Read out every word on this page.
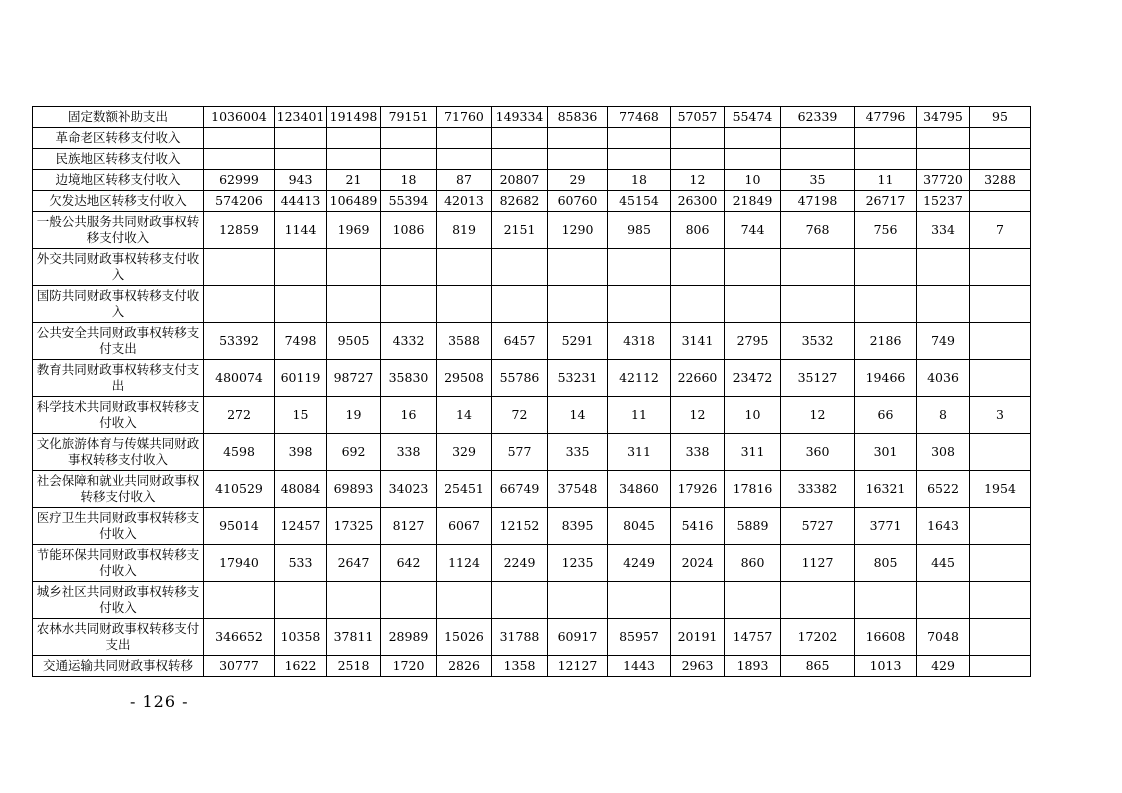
固定数额补助支出	1036004	123401	191498	79151	71760	149334	85836	77468	57057	55474	62339	47796	34795	95
革命老区转移支付收入														
民族地区转移支付收入														
边境地区转移支付收入	62999	943	21	18	87	20807	29	18	12	10	35	11	37720	3288
欠发达地区转移支付收入	574206	44413	106489	55394	42013	82682	60760	45154	26300	21849	47198	26717	15237	
一般公共服务共同财政事权转移支付收入	12859	1144	1969	1086	819	2151	1290	985	806	744	768	756	334	7
外交共同财政事权转移支付收入														
国防共同财政事权转移支付收入														
公共安全共同财政事权转移支付支出	53392	7498	9505	4332	3588	6457	5291	4318	3141	2795	3532	2186	749	
教育共同财政事权转移支付支出	480074	60119	98727	35830	29508	55786	53231	42112	22660	23472	35127	19466	4036	
科学技术共同财政事权转移支付收入	272	15	19	16	14	72	14	11	12	10	12	66	8	3
文化旅游体育与传媒共同财政事权转移支付收入	4598	398	692	338	329	577	335	311	338	311	360	301	308	
社会保障和就业共同财政事权转移支付收入	410529	48084	69893	34023	25451	66749	37548	34860	17926	17816	33382	16321	6522	1954
医疗卫生共同财政事权转移支付收入	95014	12457	17325	8127	6067	12152	8395	8045	5416	5889	5727	3771	1643	
节能环保共同财政事权转移支付收入	17940	533	2647	642	1124	2249	1235	4249	2024	860	1127	805	445	
城乡社区共同财政事权转移支付收入														
农林水共同财政事权转移支付支出	346652	10358	37811	28989	15026	31788	60917	85957	20191	14757	17202	16608	7048	
交通运输共同财政事权转移	30777	1622	2518	1720	2826	1358	12127	1443	2963	1893	865	1013	429	
- 126 -
